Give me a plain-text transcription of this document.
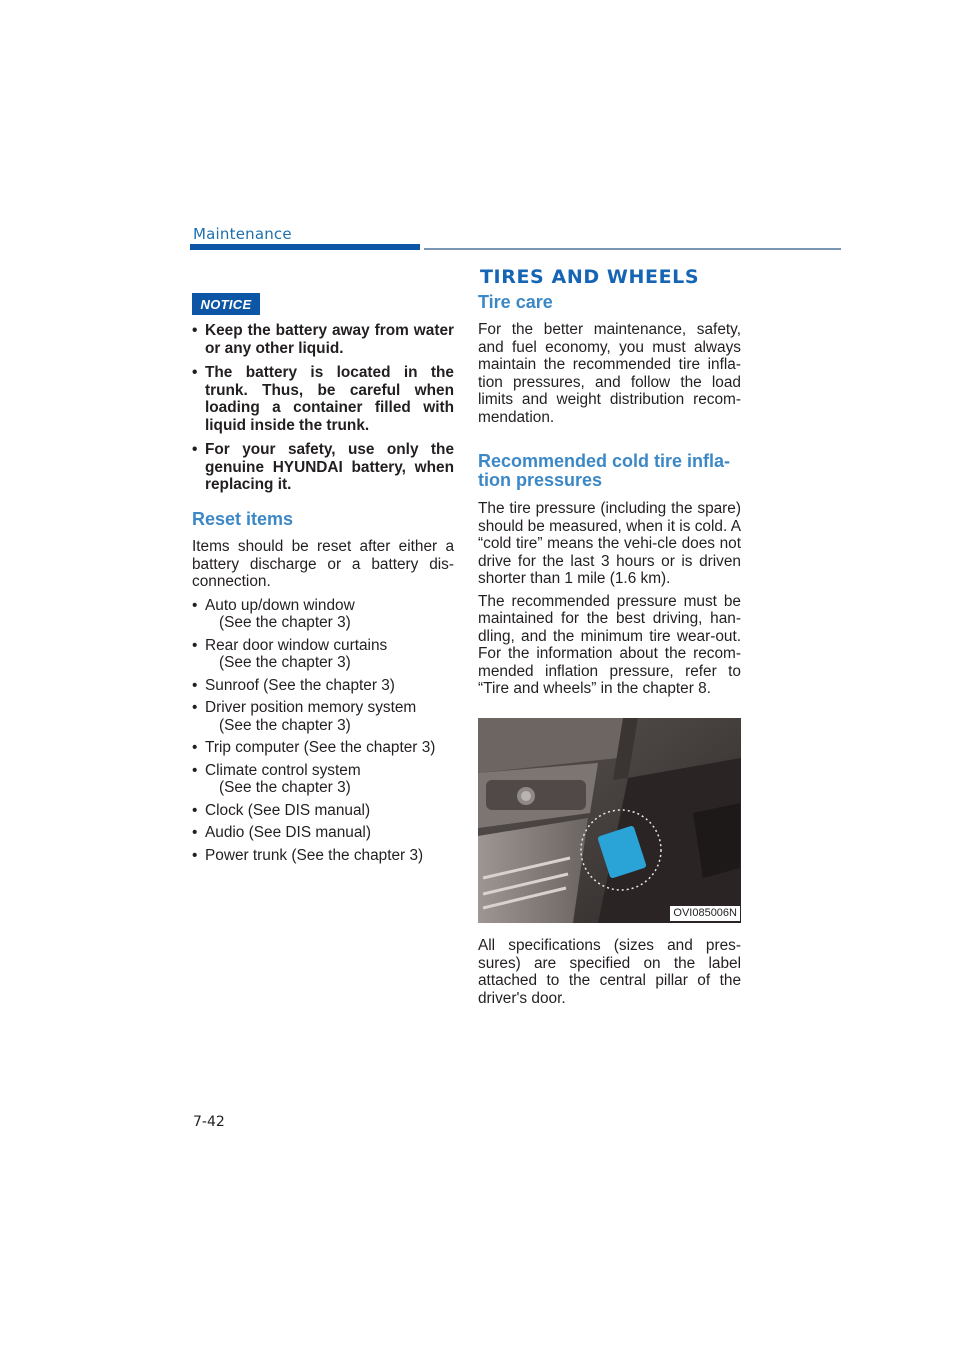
Maintenance
NOTICE
• Keep the battery away from water or any other liquid.
• The battery is located in the trunk. Thus, be careful when loading a container filled with liquid inside the trunk.
• For your safety, use only the genuine HYUNDAI battery, when replacing it.
Reset items

Items should be reset after either a battery discharge or a battery dis-connection.

• Auto up/down window
(See the chapter 3)
• Rear door window curtains
(See the chapter 3)
• Sunroof (See the chapter 3)
• Driver position memory system
(See the chapter 3)
• Trip computer (See the chapter 3)
• Climate control system
(See the chapter 3)
• Clock (See DIS manual)
• Audio (See DIS manual)
• Power trunk (See the chapter 3)
TIRES AND WHEELS
Tire care

For the better maintenance, safety, and fuel economy, you must always maintain the recommended tire infla-tion pressures, and follow the load limits and weight distribution recom-mendation.

Recommended cold tire infla-tion pressures

The tire pressure (including the spare) should be measured, when it is cold. A “cold tire” means the vehi-cle does not drive for the last 3 hours or is driven shorter than 1 mile (1.6 km).

The recommended pressure must be maintained for the best driving, han-dling, and the minimum tire wear-out. For the information about the recom-mended inflation pressure, refer to “Tire and wheels” in the chapter 8.

OVI085006N

All specifications (sizes and pres-sures) are specified on the label attached to the central pillar of the driver's door.

7-42
